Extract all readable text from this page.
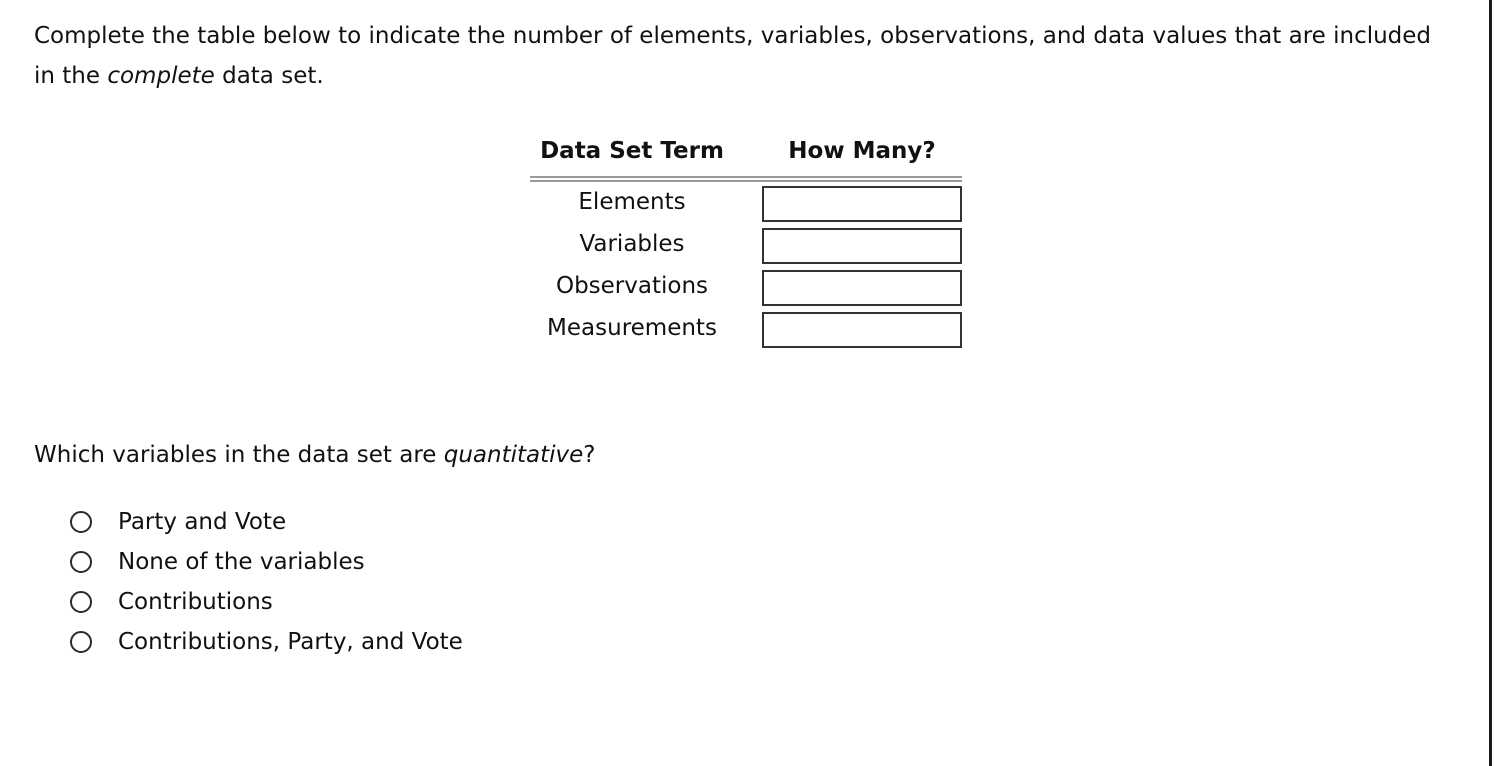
Complete the table below to indicate the number of elements, variables, observations, and data values that are included in the complete data set.

Data Set Term	How Many?
Elements
Variables
Observations
Measurements

Which variables in the data set are quantitative?

Party and Vote
None of the variables
Contributions
Contributions, Party, and Vote
